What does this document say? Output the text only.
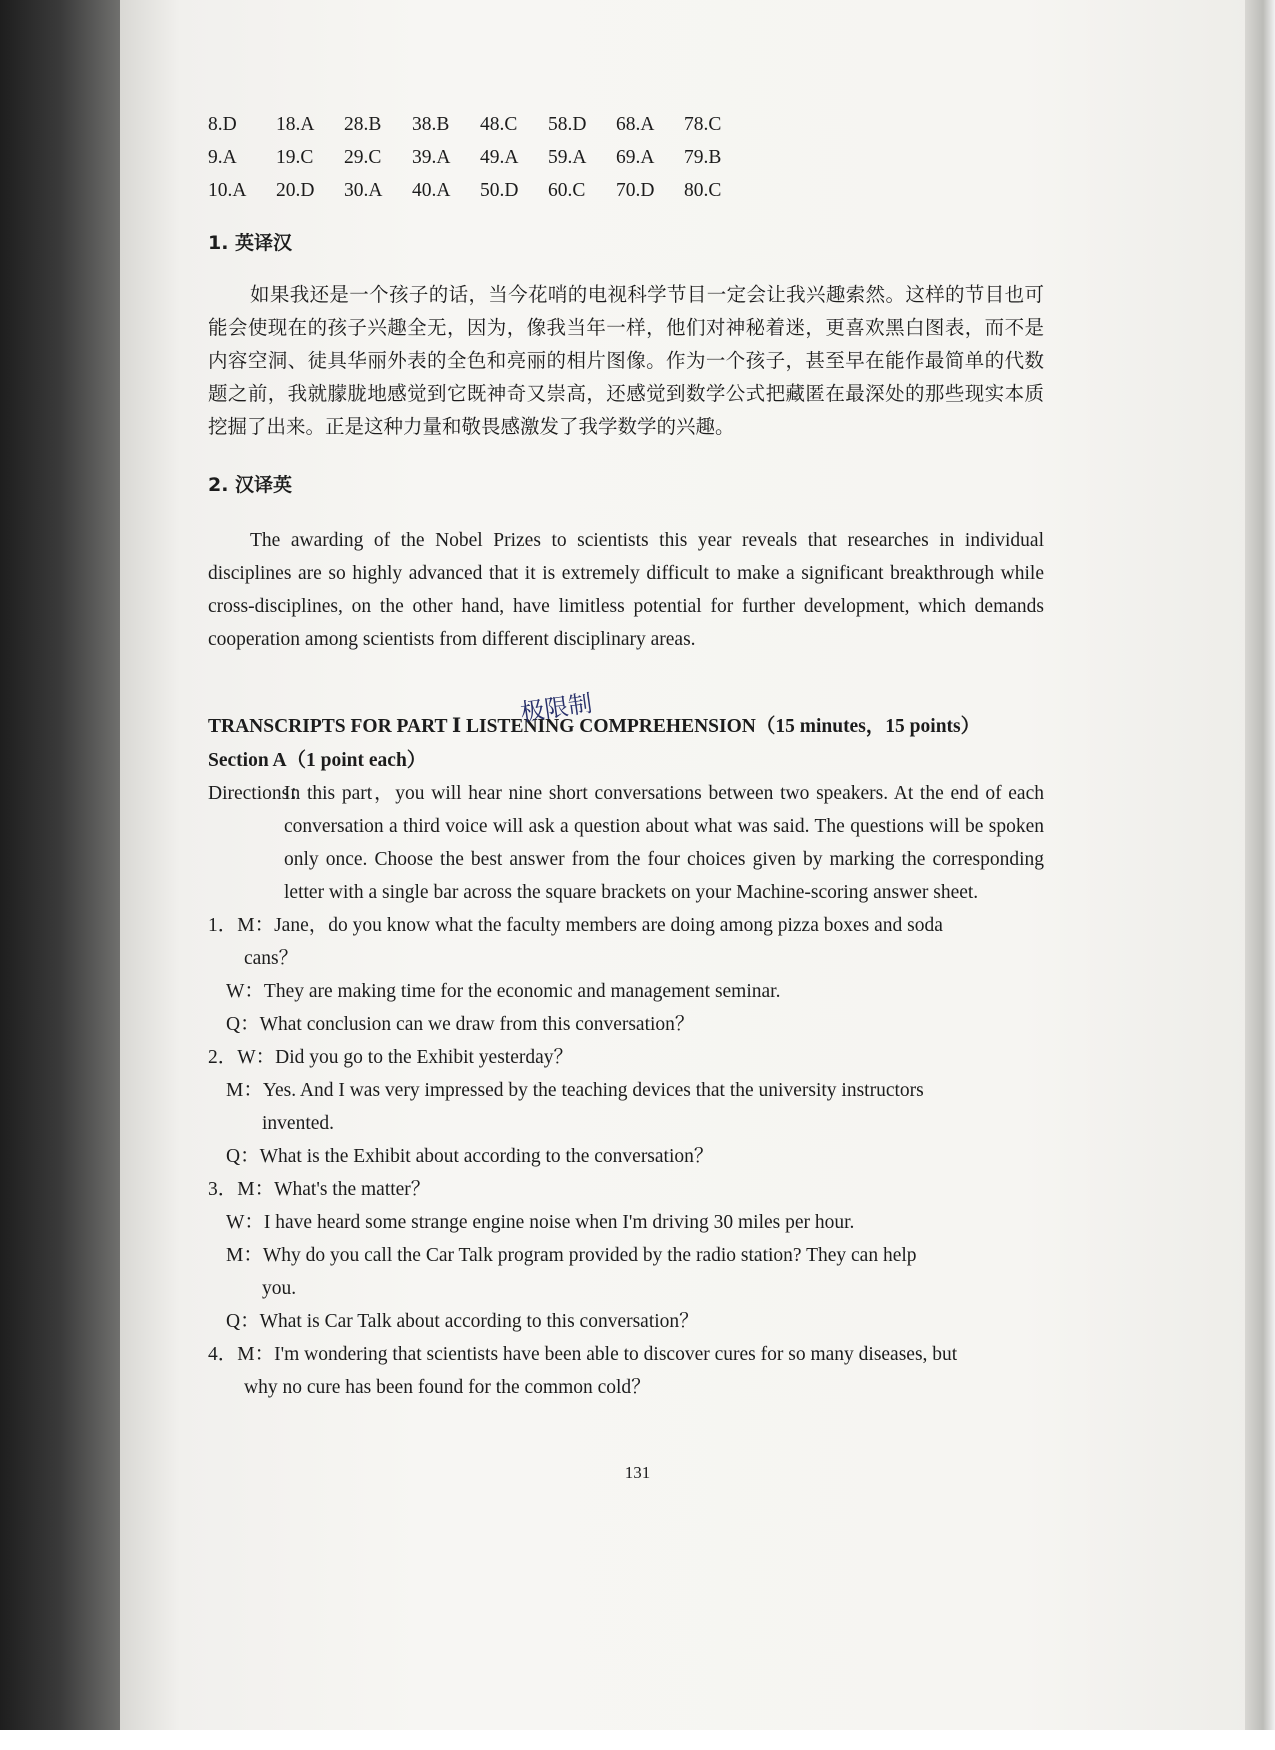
8.D	18.A	28.B	38.B	48.C	58.D	68.A	78.C
9.A	19.C	29.C	39.A	49.A	59.A	69.A	79.B
10.A	20.D	30.A	40.A	50.D	60.C	70.D	80.C
1. 英译汉
如果我还是一个孩子的话，当今花哨的电视科学节目一定会让我兴趣索然。这样的节目也可能会使现在的孩子兴趣全无，因为，像我当年一样，他们对神秘着迷，更喜欢黑白图表，而不是内容空洞、徒具华丽外表的全色和亮丽的相片图像。作为一个孩子，甚至早在能作最简单的代数题之前，我就朦胧地感觉到它既神奇又崇高，还感觉到数学公式把藏匿在最深处的那些现实本质挖掘了出来。正是这种力量和敬畏感激发了我学数学的兴趣。
2. 汉译英
The awarding of the Nobel Prizes to scientists this year reveals that researches in individual disciplines are so highly advanced that it is extremely difficult to make a significant breakthrough while cross-disciplines, on the other hand, have limitless potential for further development, which demands cooperation among scientists from different disciplinary areas.
TRANSCRIPTS FOR PART Ⅰ LISTENING COMPREHENSION（15 minutes，15 points）
Section A（1 point each）
Directions：
In this part，you will hear nine short conversations between two speakers. At the end of each conversation a third voice will ask a question about what was said. The questions will be spoken only once. Choose the best answer from the four choices given by marking the corresponding letter with a single bar across the square brackets on your Machine-scoring answer sheet.
1．M：Jane，do you know what the faculty members are doing among pizza boxes and soda
cans？
W：They are making time for the economic and management seminar.
Q：What conclusion can we draw from this conversation？
2．W：Did you go to the Exhibit yesterday？
M：Yes. And I was very impressed by the teaching devices that the university instructors
invented.
Q：What is the Exhibit about according to the conversation？
3．M：What's the matter？
W：I have heard some strange engine noise when I'm driving 30 miles per hour.
M：Why do you call the Car Talk program provided by the radio station? They can help
you.
Q：What is Car Talk about according to this conversation？
4．M：I'm wondering that scientists have been able to discover cures for so many diseases, but
why no cure has been found for the common cold？
极限制
131
